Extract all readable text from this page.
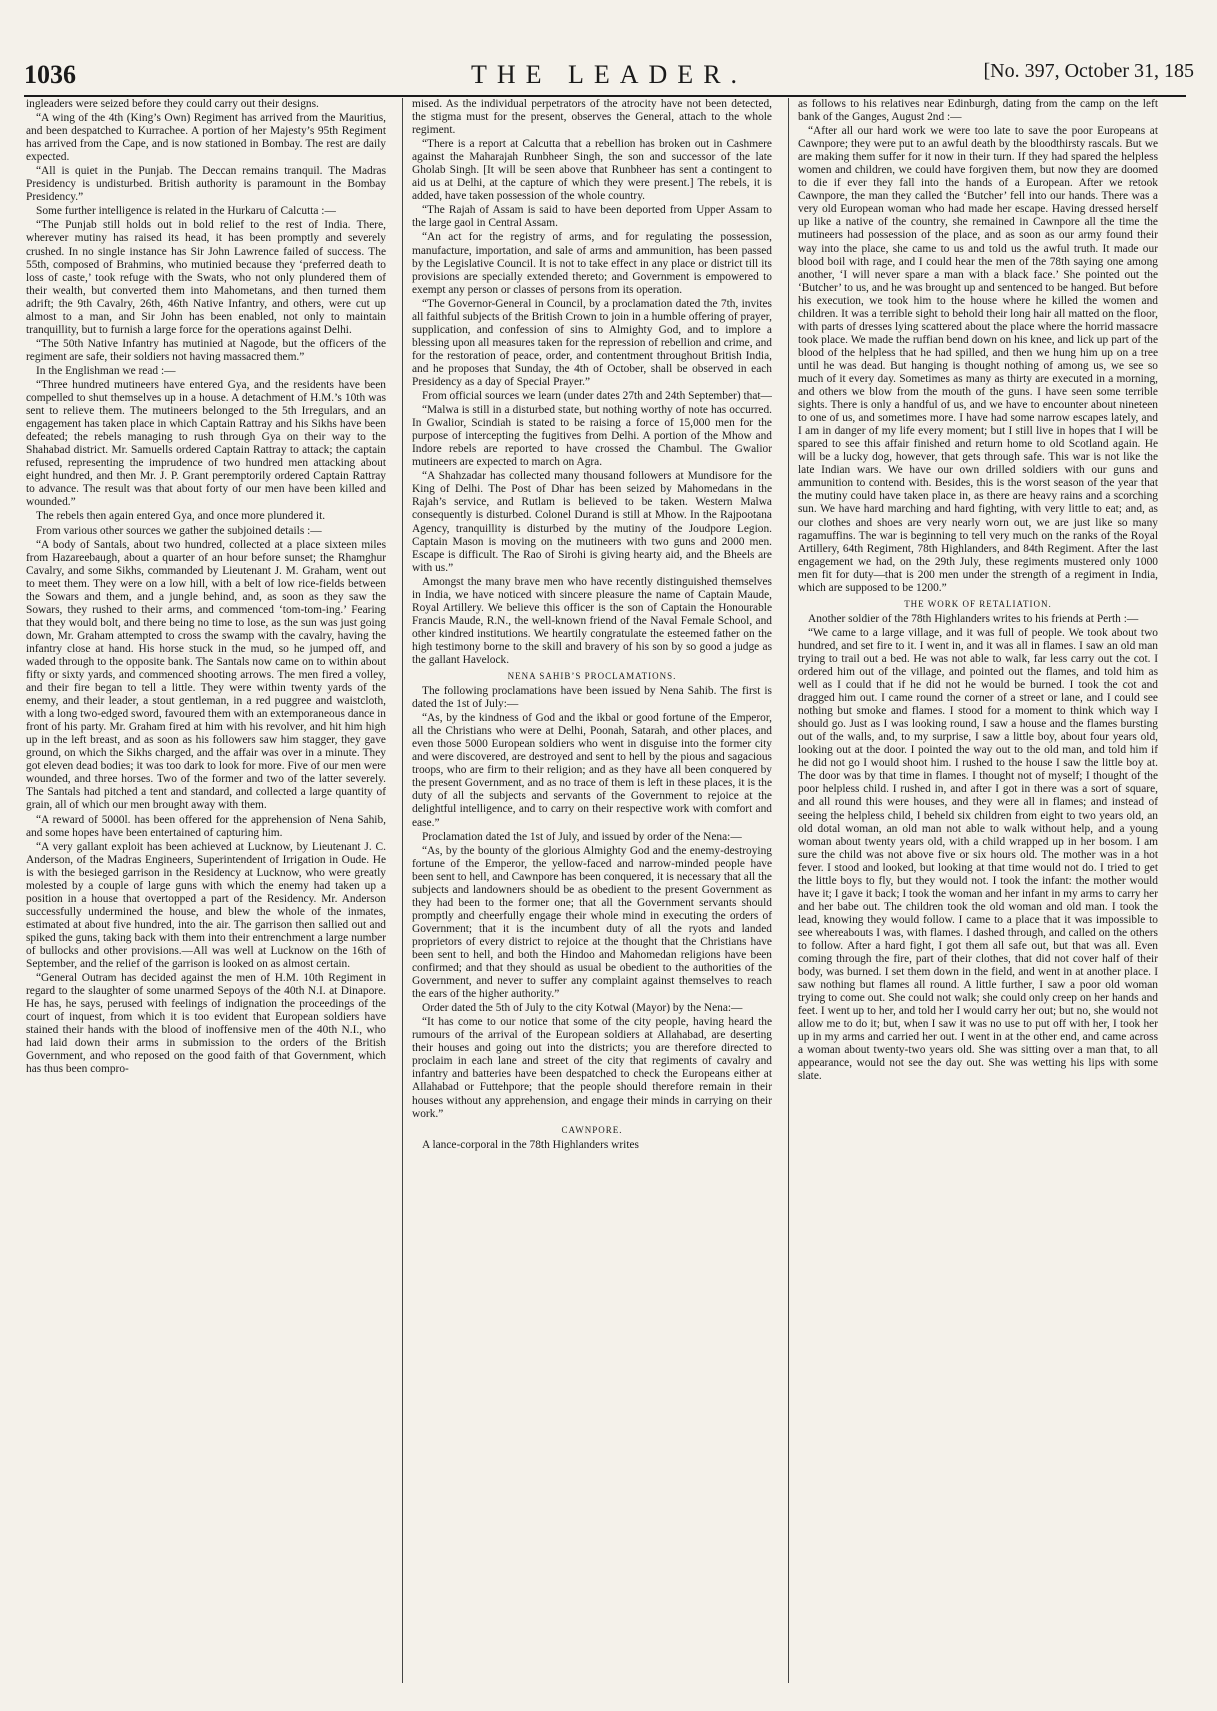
THE LEADER.
1036	[No. 397, October 31, 185

ingleaders were seized before they could carry out their designs.

“A wing of the 4th (King’s Own) Regiment has arrived from the Mauritius, and been despatched to Kurrachee. A portion of her Majesty’s 95th Regiment has arrived from the Cape, and is now stationed in Bombay. The rest are daily expected.

“All is quiet in the Punjab. The Deccan remains tranquil. The Madras Presidency is undisturbed. British authority is paramount in the Bombay Presidency.”

Some further intelligence is related in the Hurkaru of Calcutta :—

“The Punjab still holds out in bold relief to the rest of India. There, wherever mutiny has raised its head, it has been promptly and severely crushed. In no single instance has Sir John Lawrence failed of success. The 55th, composed of Brahmins, who mutinied because they ‘preferred death to loss of caste,’ took refuge with the Swats, who not only plundered them of their wealth, but converted them into Mahometans, and then turned them adrift; the 9th Cavalry, 26th, 46th Native Infantry, and others, were cut up almost to a man, and Sir John has been enabled, not only to maintain tranquillity, but to furnish a large force for the operations against Delhi.

“The 50th Native Infantry has mutinied at Nagode, but the officers of the regiment are safe, their soldiers not having massacred them.”

In the Englishman we read :—

“Three hundred mutineers have entered Gya, and the residents have been compelled to shut themselves up in a house. A detachment of H.M.’s 10th was sent to relieve them. The mutineers belonged to the 5th Irregulars, and an engagement has taken place in which Captain Rattray and his Sikhs have been defeated; the rebels managing to rush through Gya on their way to the Shahabad district. Mr. Samuells ordered Captain Rattray to attack; the captain refused, representing the imprudence of two hundred men attacking about eight hundred, and then Mr. J. P. Grant peremptorily ordered Captain Rattray to advance. The result was that about forty of our men have been killed and wounded.”

The rebels then again entered Gya, and once more plundered it.

From various other sources we gather the subjoined details :—

“A body of Santals, about two hundred, collected at a place sixteen miles from Hazareebaugh, about a quarter of an hour before sunset; the Rhamghur Cavalry, and some Sikhs, commanded by Lieutenant J. M. Graham, went out to meet them. They were on a low hill, with a belt of low rice-fields between the Sowars and them, and a jungle behind, and, as soon as they saw the Sowars, they rushed to their arms, and commenced ‘tom-tom-ing.’ Fearing that they would bolt, and there being no time to lose, as the sun was just going down, Mr. Graham attempted to cross the swamp with the cavalry, having the infantry close at hand. His horse stuck in the mud, so he jumped off, and waded through to the opposite bank. The Santals now came on to within about fifty or sixty yards, and commenced shooting arrows. The men fired a volley, and their fire began to tell a little. They were within twenty yards of the enemy, and their leader, a stout gentleman, in a red puggree and waistcloth, with a long two-edged sword, favoured them with an extemporaneous dance in front of his party. Mr. Graham fired at him with his revolver, and hit him high up in the left breast, and as soon as his followers saw him stagger, they gave ground, on which the Sikhs charged, and the affair was over in a minute. They got eleven dead bodies; it was too dark to look for more. Five of our men were wounded, and three horses. Two of the former and two of the latter severely. The Santals had pitched a tent and standard, and collected a large quantity of grain, all of which our men brought away with them.

“A reward of 5000l. has been offered for the apprehension of Nena Sahib, and some hopes have been entertained of capturing him.

“A very gallant exploit has been achieved at Lucknow, by Lieutenant J. C. Anderson, of the Madras Engineers, Superintendent of Irrigation in Oude. He is with the besieged garrison in the Residency at Lucknow, who were greatly molested by a couple of large guns with which the enemy had taken up a position in a house that overtopped a part of the Residency. Mr. Anderson successfully undermined the house, and blew the whole of the inmates, estimated at about five hundred, into the air. The garrison then sallied out and spiked the guns, taking back with them into their entrenchment a large number of bullocks and other provisions.—All was well at Lucknow on the 16th of September, and the relief of the garrison is looked on as almost certain.

“General Outram has decided against the men of H.M. 10th Regiment in regard to the slaughter of some unarmed Sepoys of the 40th N.I. at Dinapore. He has, he says, perused with feelings of indignation the proceedings of the court of inquest, from which it is too evident that European soldiers have stained their hands with the blood of inoffensive men of the 40th N.I., who had laid down their arms in submission to the orders of the British Government, and who reposed on the good faith of that Government, which has thus been compro-

mised. As the individual perpetrators of the atrocity have not been detected, the stigma must for the present, observes the General, attach to the whole regiment.

“There is a report at Calcutta that a rebellion has broken out in Cashmere against the Maharajah Runbheer Singh, the son and successor of the late Gholab Singh. [It will be seen above that Runbheer has sent a contingent to aid us at Delhi, at the capture of which they were present.] The rebels, it is added, have taken possession of the whole country.

“The Rajah of Assam is said to have been deported from Upper Assam to the large gaol in Central Assam.

“An act for the registry of arms, and for regulating the possession, manufacture, importation, and sale of arms and ammunition, has been passed by the Legislative Council. It is not to take effect in any place or district till its provisions are specially extended thereto; and Government is empowered to exempt any person or classes of persons from its operation.

“The Governor-General in Council, by a proclamation dated the 7th, invites all faithful subjects of the British Crown to join in a humble offering of prayer, supplication, and confession of sins to Almighty God, and to implore a blessing upon all measures taken for the repression of rebellion and crime, and for the restoration of peace, order, and contentment throughout British India, and he proposes that Sunday, the 4th of October, shall be observed in each Presidency as a day of Special Prayer.”

From official sources we learn (under dates 27th and 24th September) that—

“Malwa is still in a disturbed state, but nothing worthy of note has occurred. In Gwalior, Scindiah is stated to be raising a force of 15,000 men for the purpose of intercepting the fugitives from Delhi. A portion of the Mhow and Indore rebels are reported to have crossed the Chambul. The Gwalior mutineers are expected to march on Agra.

“A Shahzadar has collected many thousand followers at Mundisore for the King of Delhi. The Post of Dhar has been seized by Mahomedans in the Rajah’s service, and Rutlam is believed to be taken. Western Malwa consequently is disturbed. Colonel Durand is still at Mhow. In the Rajpootana Agency, tranquillity is disturbed by the mutiny of the Joudpore Legion. Captain Mason is moving on the mutineers with two guns and 2000 men. Escape is difficult. The Rao of Sirohi is giving hearty aid, and the Bheels are with us.”

Amongst the many brave men who have recently distinguished themselves in India, we have noticed with sincere pleasure the name of Captain Maude, Royal Artillery. We believe this officer is the son of Captain the Honourable Francis Maude, R.N., the well-known friend of the Naval Female School, and other kindred institutions. We heartily congratulate the esteemed father on the high testimony borne to the skill and bravery of his son by so good a judge as the gallant Havelock.

NENA SAHIB’S PROCLAMATIONS.

The following proclamations have been issued by Nena Sahib. The first is dated the 1st of July:—

“As, by the kindness of God and the ikbal or good fortune of the Emperor, all the Christians who were at Delhi, Poonah, Satarah, and other places, and even those 5000 European soldiers who went in disguise into the former city and were discovered, are destroyed and sent to hell by the pious and sagacious troops, who are firm to their religion; and as they have all been conquered by the present Government, and as no trace of them is left in these places, it is the duty of all the subjects and servants of the Government to rejoice at the delightful intelligence, and to carry on their respective work with comfort and ease.”

Proclamation dated the 1st of July, and issued by order of the Nena:—

“As, by the bounty of the glorious Almighty God and the enemy-destroying fortune of the Emperor, the yellow-faced and narrow-minded people have been sent to hell, and Cawnpore has been conquered, it is necessary that all the subjects and landowners should be as obedient to the present Government as they had been to the former one; that all the Government servants should promptly and cheerfully engage their whole mind in executing the orders of Government; that it is the incumbent duty of all the ryots and landed proprietors of every district to rejoice at the thought that the Christians have been sent to hell, and both the Hindoo and Mahomedan religions have been confirmed; and that they should as usual be obedient to the authorities of the Government, and never to suffer any complaint against themselves to reach the ears of the higher authority.”

Order dated the 5th of July to the city Kotwal (Mayor) by the Nena:—

“It has come to our notice that some of the city people, having heard the rumours of the arrival of the European soldiers at Allahabad, are deserting their houses and going out into the districts; you are therefore directed to proclaim in each lane and street of the city that regiments of cavalry and infantry and batteries have been despatched to check the Europeans either at Allahabad or Futtehpore; that the people should therefore remain in their houses without any apprehension, and engage their minds in carrying on their work.”

CAWNPORE.

A lance-corporal in the 78th Highlanders writes

as follows to his relatives near Edinburgh, dating from the camp on the left bank of the Ganges, August 2nd :—

“After all our hard work we were too late to save the poor Europeans at Cawnpore; they were put to an awful death by the bloodthirsty rascals. But we are making them suffer for it now in their turn. If they had spared the helpless women and children, we could have forgiven them, but now they are doomed to die if ever they fall into the hands of a European. After we retook Cawnpore, the man they called the ‘Butcher’ fell into our hands. There was a very old European woman who had made her escape. Having dressed herself up like a native of the country, she remained in Cawnpore all the time the mutineers had possession of the place, and as soon as our army found their way into the place, she came to us and told us the awful truth. It made our blood boil with rage, and I could hear the men of the 78th saying one among another, ‘I will never spare a man with a black face.’ She pointed out the ‘Butcher’ to us, and he was brought up and sentenced to be hanged. But before his execution, we took him to the house where he killed the women and children. It was a terrible sight to behold their long hair all matted on the floor, with parts of dresses lying scattered about the place where the horrid massacre took place. We made the ruffian bend down on his knee, and lick up part of the blood of the helpless that he had spilled, and then we hung him up on a tree until he was dead. But hanging is thought nothing of among us, we see so much of it every day. Sometimes as many as thirty are executed in a morning, and others we blow from the mouth of the guns. I have seen some terrible sights. There is only a handful of us, and we have to encounter about nineteen to one of us, and sometimes more. I have had some narrow escapes lately, and I am in danger of my life every moment; but I still live in hopes that I will be spared to see this affair finished and return home to old Scotland again. He will be a lucky dog, however, that gets through safe. This war is not like the late Indian wars. We have our own drilled soldiers with our guns and ammunition to contend with. Besides, this is the worst season of the year that the mutiny could have taken place in, as there are heavy rains and a scorching sun. We have hard marching and hard fighting, with very little to eat; and, as our clothes and shoes are very nearly worn out, we are just like so many ragamuffins. The war is beginning to tell very much on the ranks of the Royal Artillery, 64th Regiment, 78th Highlanders, and 84th Regiment. After the last engagement we had, on the 29th July, these regiments mustered only 1000 men fit for duty—that is 200 men under the strength of a regiment in India, which are supposed to be 1200.”

THE WORK OF RETALIATION.

Another soldier of the 78th Highlanders writes to his friends at Perth :—

“We came to a large village, and it was full of people. We took about two hundred, and set fire to it. I went in, and it was all in flames. I saw an old man trying to trail out a bed. He was not able to walk, far less carry out the cot. I ordered him out of the village, and pointed out the flames, and told him as well as I could that if he did not he would be burned. I took the cot and dragged him out. I came round the corner of a street or lane, and I could see nothing but smoke and flames. I stood for a moment to think which way I should go. Just as I was looking round, I saw a house and the flames bursting out of the walls, and, to my surprise, I saw a little boy, about four years old, looking out at the door. I pointed the way out to the old man, and told him if he did not go I would shoot him. I rushed to the house I saw the little boy at. The door was by that time in flames. I thought not of myself; I thought of the poor helpless child. I rushed in, and after I got in there was a sort of square, and all round this were houses, and they were all in flames; and instead of seeing the helpless child, I beheld six children from eight to two years old, an old dotal woman, an old man not able to walk without help, and a young woman about twenty years old, with a child wrapped up in her bosom. I am sure the child was not above five or six hours old. The mother was in a hot fever. I stood and looked, but looking at that time would not do. I tried to get the little boys to fly, but they would not. I took the infant: the mother would have it; I gave it back; I took the woman and her infant in my arms to carry her and her babe out. The children took the old woman and old man. I took the lead, knowing they would follow. I came to a place that it was impossible to see whereabouts I was, with flames. I dashed through, and called on the others to follow. After a hard fight, I got them all safe out, but that was all. Even coming through the fire, part of their clothes, that did not cover half of their body, was burned. I set them down in the field, and went in at another place. I saw nothing but flames all round. A little further, I saw a poor old woman trying to come out. She could not walk; she could only creep on her hands and feet. I went up to her, and told her I would carry her out; but no, she would not allow me to do it; but, when I saw it was no use to put off with her, I took her up in my arms and carried her out. I went in at the other end, and came across a woman about twenty-two years old. She was sitting over a man that, to all appearance, would not see the day out. She was wetting his lips with some slate.
